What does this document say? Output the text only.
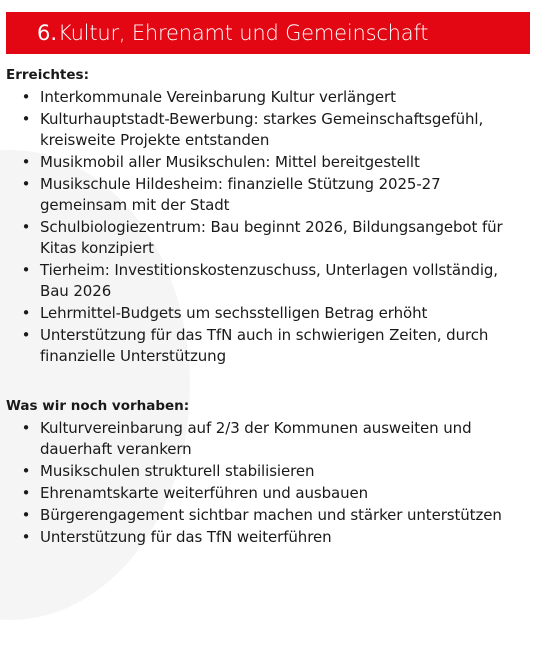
6. Kultur, Ehrenamt und Gemeinschaft
Erreichtes:
• Interkommunale Vereinbarung Kultur verlängert
• Kulturhauptstadt-Bewerbung: starkes Gemeinschaftsgefühl, kreisweite Projekte entstanden
• Musikmobil aller Musikschulen: Mittel bereitgestellt
• Musikschule Hildesheim: finanzielle Stützung 2025-27 gemeinsam mit der Stadt
• Schulbiologiezentrum: Bau beginnt 2026, Bildungsangebot für Kitas konzipiert
• Tierheim: Investitionskostenzuschuss, Unterlagen vollständig, Bau 2026
• Lehrmittel-Budgets um sechsstelligen Betrag erhöht
• Unterstützung für das TfN auch in schwierigen Zeiten, durch finanzielle Unterstützung
Was wir noch vorhaben:
• Kulturvereinbarung auf 2/3 der Kommunen ausweiten und dauerhaft verankern
• Musikschulen strukturell stabilisieren
• Ehrenamtskarte weiterführen und ausbauen
• Bürgerengagement sichtbar machen und stärker unterstützen
• Unterstützung für das TfN weiterführen
